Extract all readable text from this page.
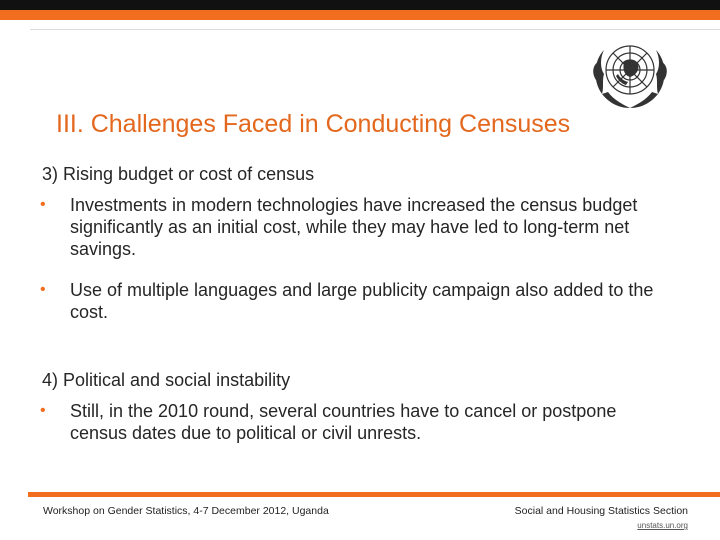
III. Challenges Faced in Conducting Censuses
3) Rising budget or cost of census
• Investments in modern technologies have increased the census budget significantly as an initial cost, while they may have led to long-term net savings.
• Use of multiple languages and large publicity campaign also added to the cost.
4) Political and social instability
• Still, in the 2010 round, several countries have to cancel or postpone census dates due to political or civil unrests.
Workshop on Gender Statistics, 4-7 December 2012, Uganda	Social and Housing Statistics Section
unstats.un.org
